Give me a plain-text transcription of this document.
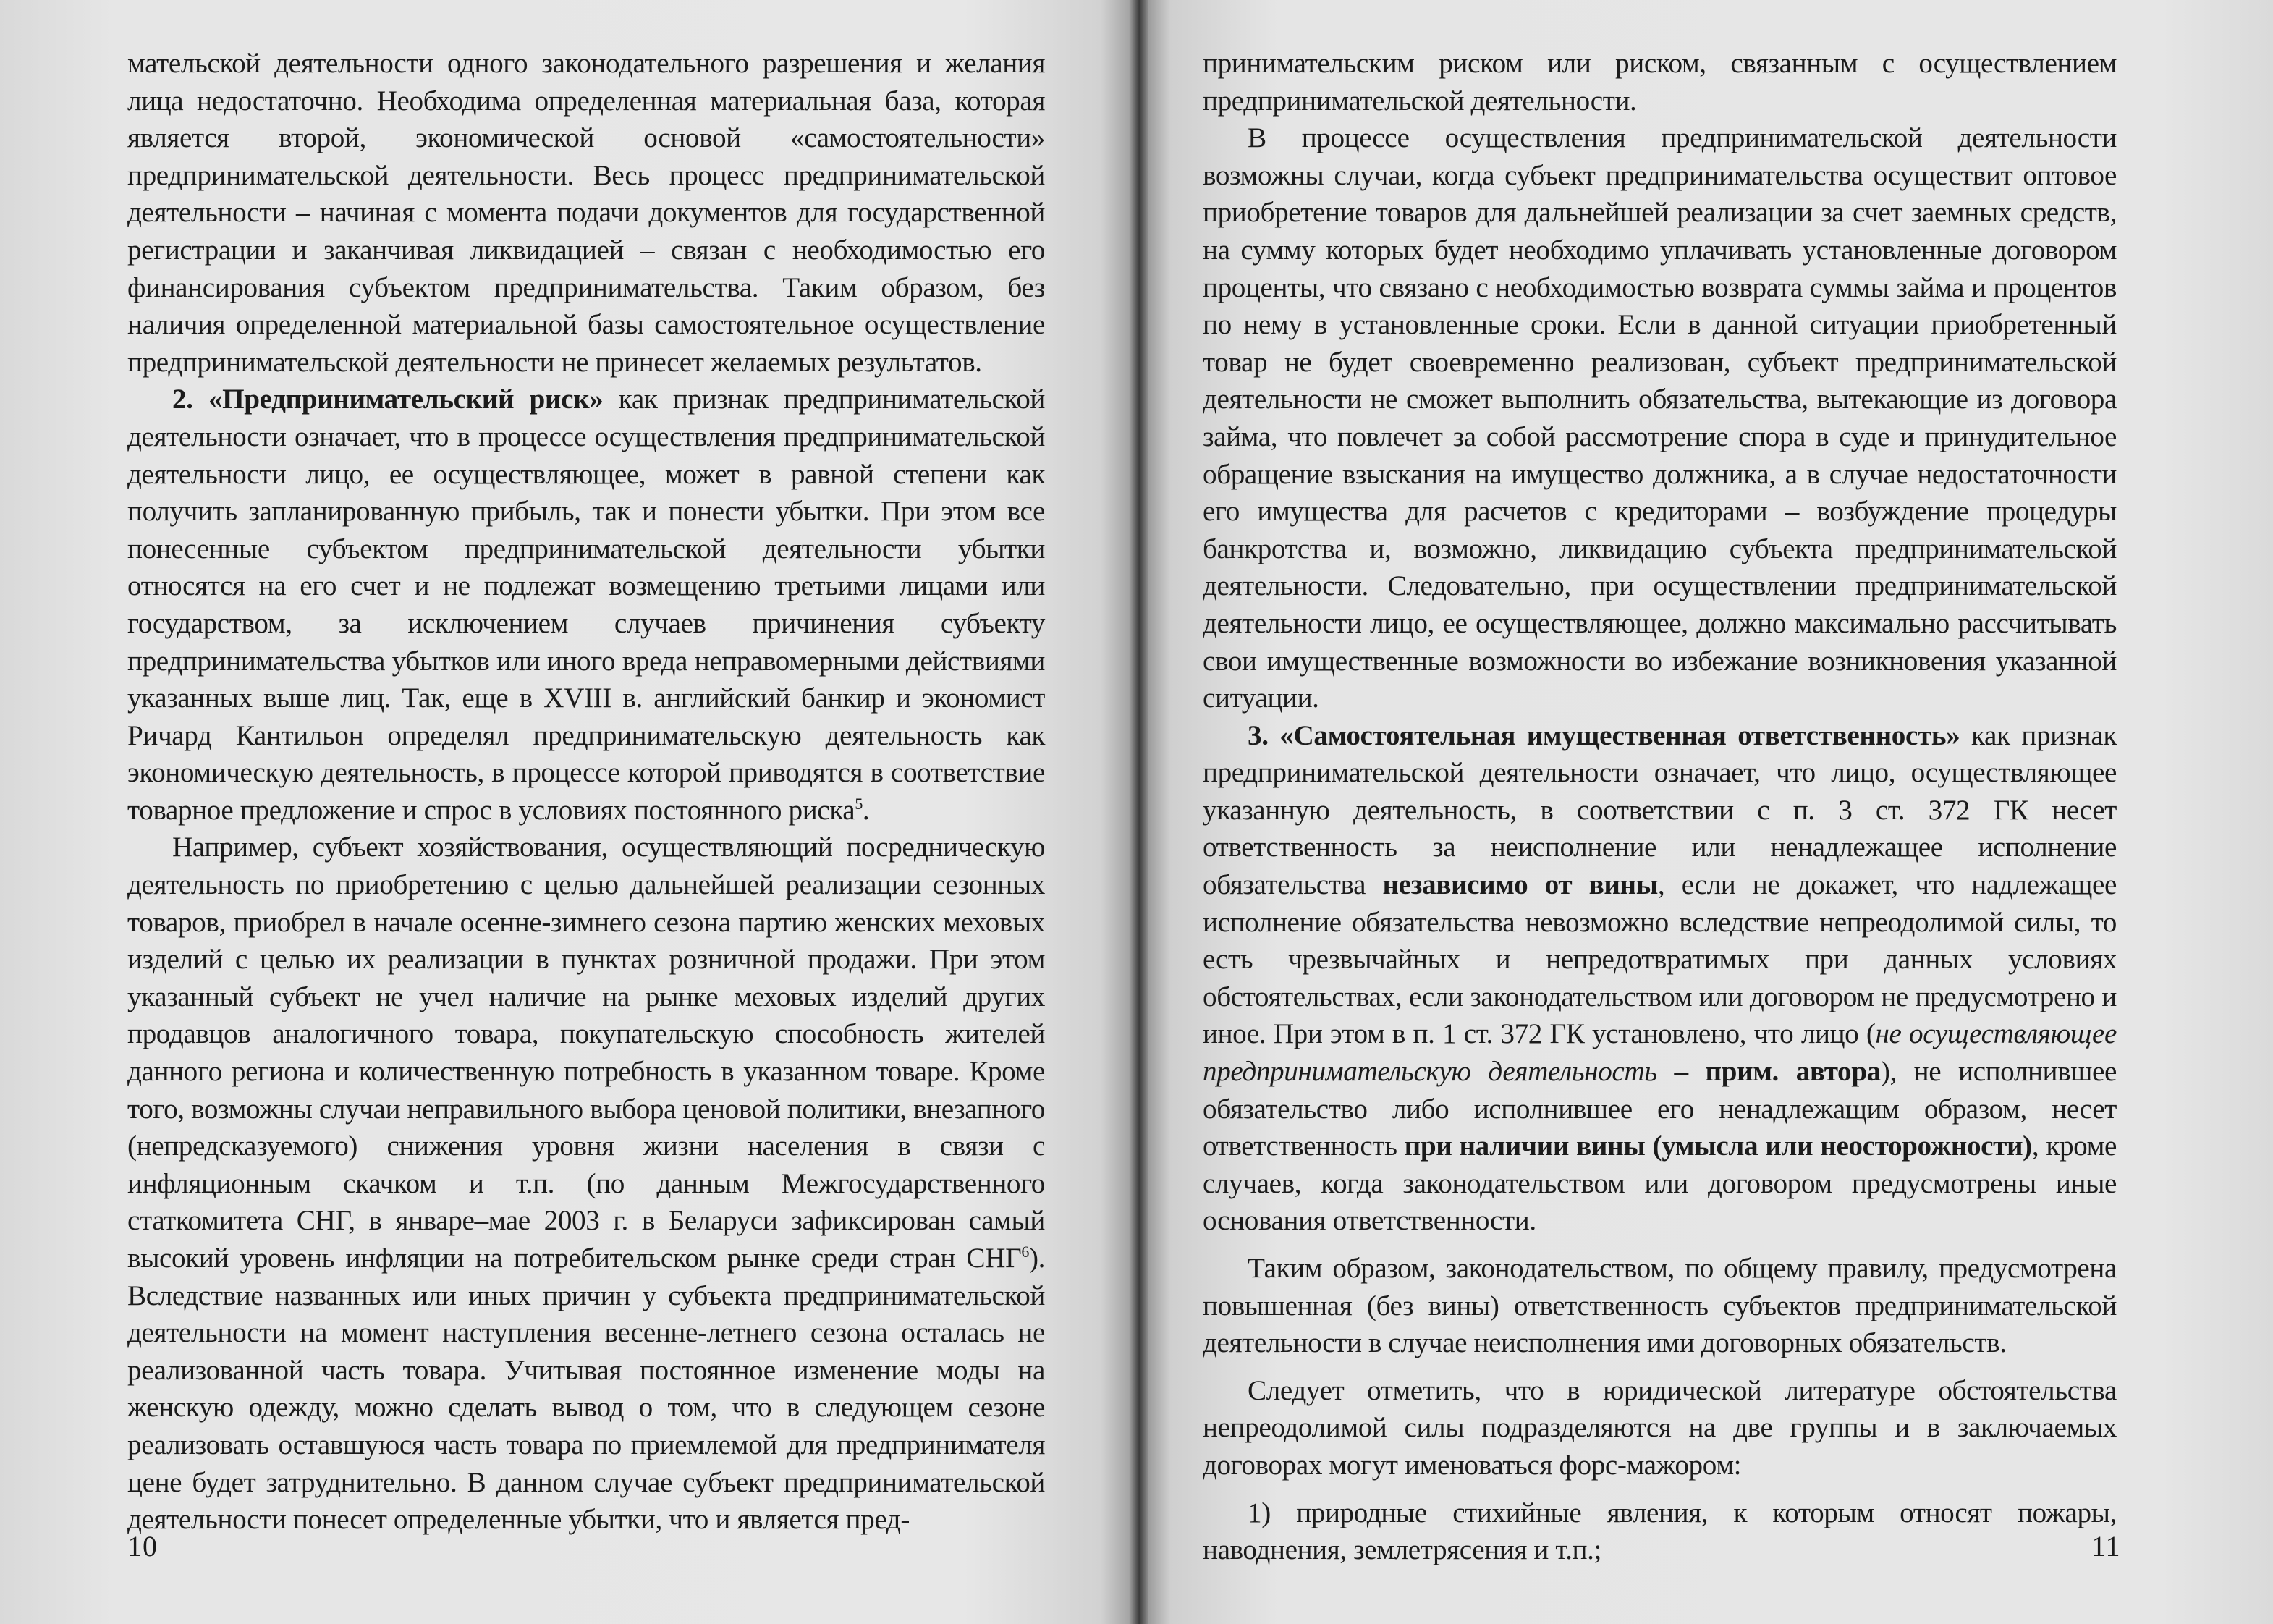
мательской деятельности одного законодательного разрешения и желания лица недостаточно. Необходима определенная материальная база, которая является второй, экономической основой «самостоятельности» предпринимательской деятельности. Весь процесс предпринимательской деятельности – начиная с момента подачи документов для государственной регистрации и заканчивая ликвидацией – связан с необходимостью его финансирования субъектом предпринимательства. Таким образом, без наличия определенной материальной базы самостоятельное осуществление предпринимательской деятельности не принесет желаемых результатов.

2. «Предпринимательский риск» как признак предпринимательской деятельности означает, что в процессе осуществления предпринимательской деятельности лицо, ее осуществляющее, может в равной степени как получить запланированную прибыль, так и понести убытки. При этом все понесенные субъектом предпринимательской деятельности убытки относятся на его счет и не подлежат возмещению третьими лицами или государством, за исключением случаев причинения субъекту предпринимательства убытков или иного вреда неправомерными действиями указанных выше лиц. Так, еще в XVIII в. английский банкир и экономист Ричард Кантильон определял предпринимательскую деятельность как экономическую деятельность, в процессе которой приводятся в соответствие товарное предложение и спрос в условиях постоянного риска$^5$.

Например, субъект хозяйствования, осуществляющий посредническую деятельность по приобретению с целью дальнейшей реализации сезонных товаров, приобрел в начале осенне-зимнего сезона партию женских меховых изделий с целью их реализации в пунктах розничной продажи. При этом указанный субъект не учел наличие на рынке меховых изделий других продавцов аналогичного товара, покупательскую способность жителей данного региона и количественную потребность в указанном товаре. Кроме того, возможны случаи неправильного выбора ценовой политики, внезапного (непредсказуемого) снижения уровня жизни населения в связи с инфляционным скачком и т.п. (по данным Межгосударственного статкомитета СНГ, в январе–мае 2003 г. в Беларуси зафиксирован самый высокий уровень инфляции на потребительском рынке среди стран СНГ$^6$). Вследствие названных или иных причин у субъекта предпринимательской деятельности на момент наступления весенне-летнего сезона осталась не реализованной часть товара. Учитывая постоянное изменение моды на женскую одежду, можно сделать вывод о том, что в следующем сезоне реализовать оставшуюся часть товара по приемлемой для предпринимателя цене будет затруднительно. В данном случае субъект предпринимательской деятельности понесет определенные убытки, что и является пред-

10

принимательским риском или риском, связанным с осуществлением предпринимательской деятельности.

В процессе осуществления предпринимательской деятельности возможны случаи, когда субъект предпринимательства осуществит оптовое приобретение товаров для дальнейшей реализации за счет заемных средств, на сумму которых будет необходимо уплачивать установленные договором проценты, что связано с необходимостью возврата суммы займа и процентов по нему в установленные сроки. Если в данной ситуации приобретенный товар не будет своевременно реализован, субъект предпринимательской деятельности не сможет выполнить обязательства, вытекающие из договора займа, что повлечет за собой рассмотрение спора в суде и принудительное обращение взыскания на имущество должника, а в случае недостаточности его имущества для расчетов с кредиторами – возбуждение процедуры банкротства и, возможно, ликвидацию субъекта предпринимательской деятельности. Следовательно, при осуществлении предпринимательской деятельности лицо, ее осуществляющее, должно максимально рассчитывать свои имущественные возможности во избежание возникновения указанной ситуации.

3. «Самостоятельная имущественная ответственность» как признак предпринимательской деятельности означает, что лицо, осуществляющее указанную деятельность, в соответствии с п. 3 ст. 372 ГК несет ответственность за неисполнение или ненадлежащее исполнение обязательства независимо от вины, если не докажет, что надлежащее исполнение обязательства невозможно вследствие непреодолимой силы, то есть чрезвычайных и непредотвратимых при данных условиях обстоятельствах, если законодательством или договором не предусмотрено и иное. При этом в п. 1 ст. 372 ГК установлено, что лицо (не осуществляющее предпринимательскую деятельность – прим. автора), не исполнившее обязательство либо исполнившее его ненадлежащим образом, несет ответственность при наличии вины (умысла или неосторожности), кроме случаев, когда законодательством или договором предусмотрены иные основания ответственности.

Таким образом, законодательством, по общему правилу, предусмотрена повышенная (без вины) ответственность субъектов предпринимательской деятельности в случае неисполнения ими договорных обязательств.

Следует отметить, что в юридической литературе обстоятельства непреодолимой силы подразделяются на две группы и в заключаемых договорах могут именоваться форс-мажором:

1) природные стихийные явления, к которым относят пожары, наводнения, землетрясения и т.п.;	11
